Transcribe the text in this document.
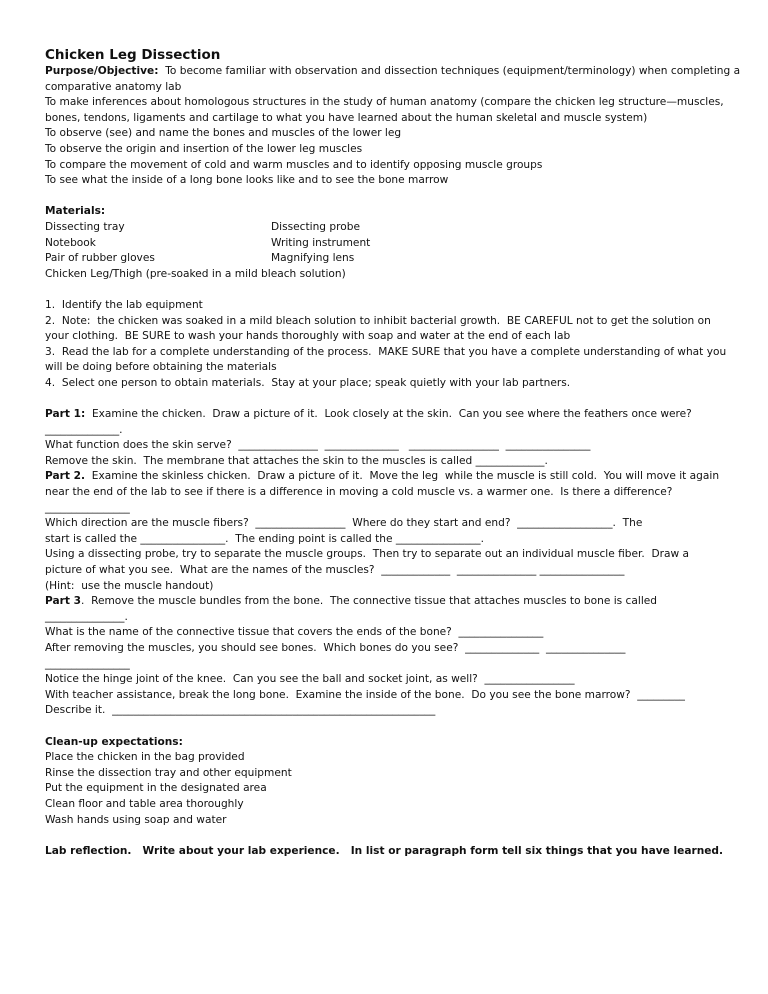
Chicken Leg Dissection
Purpose/Objective:  To become familiar with observation and dissection techniques (equipment/terminology) when completing a
comparative anatomy lab
To make inferences about homologous structures in the study of human anatomy (compare the chicken leg structure—muscles,
bones, tendons, ligaments and cartilage to what you have learned about the human skeletal and muscle system)
To observe (see) and name the bones and muscles of the lower leg
To observe the origin and insertion of the lower leg muscles
To compare the movement of cold and warm muscles and to identify opposing muscle groups
To see what the inside of a long bone looks like and to see the bone marrow
Materials:
Dissecting tray	Dissecting probe
Notebook	Writing instrument
Pair of rubber gloves	Magnifying lens
Chicken Leg/Thigh (pre-soaked in a mild bleach solution)
1.  Identify the lab equipment
2.  Note:  the chicken was soaked in a mild bleach solution to inhibit bacterial growth.  BE CAREFUL not to get the solution on
your clothing.  BE SURE to wash your hands thoroughly with soap and water at the end of each lab
3.  Read the lab for a complete understanding of the process.  MAKE SURE that you have a complete understanding of what you
will be doing before obtaining the materials
4.  Select one person to obtain materials.  Stay at your place; speak quietly with your lab partners.
Part 1:  Examine the chicken.  Draw a picture of it.  Look closely at the skin.  Can you see where the feathers once were?
______________.
What function does the skin serve?  _______________  ______________   _________________  ________________
Remove the skin.  The membrane that attaches the skin to the muscles is called _____________.
Part 2.  Examine the skinless chicken.  Draw a picture of it.  Move the leg  while the muscle is still cold.  You will move it again
near the end of the lab to see if there is a difference in moving a cold muscle vs. a warmer one.  Is there a difference?
________________
Which direction are the muscle fibers?  _________________  Where do they start and end?  __________________.  The
start is called the ________________.  The ending point is called the ________________.
Using a dissecting probe, try to separate the muscle groups.  Then try to separate out an individual muscle fiber.  Draw a
picture of what you see.  What are the names of the muscles?  _____________  _______________ ________________
(Hint:  use the muscle handout)
Part 3.  Remove the muscle bundles from the bone.  The connective tissue that attaches muscles to bone is called
_______________.
What is the name of the connective tissue that covers the ends of the bone?  ________________
After removing the muscles, you should see bones.  Which bones do you see?  ______________  _______________
________________
Notice the hinge joint of the knee.  Can you see the ball and socket joint, as well?  _________________
With teacher assistance, break the long bone.  Examine the inside of the bone.  Do you see the bone marrow?  _________
Describe it.  _____________________________________________________________
Clean-up expectations:
Place the chicken in the bag provided
Rinse the dissection tray and other equipment
Put the equipment in the designated area
Clean floor and table area thoroughly
Wash hands using soap and water
Lab reflection.   Write about your lab experience.   In list or paragraph form tell six things that you have learned.
